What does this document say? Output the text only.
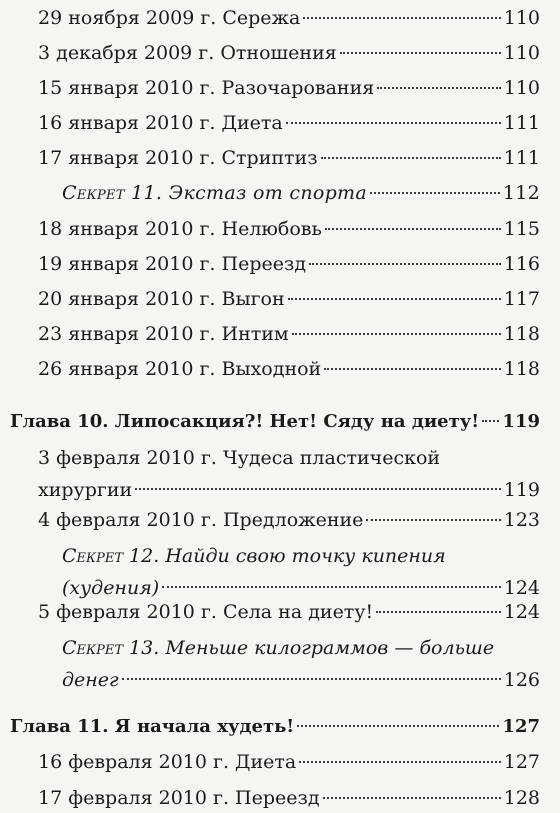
29 ноября 2009 г. Сережа	110
3 декабря 2009 г. Отношения	110
15 января 2010 г. Разочарования	110
16 января 2010 г. Диета	111
17 января 2010 г. Стриптиз	111
Секрет 11.
Экстаз от спорта	112
18 января 2010 г. Нелюбовь	115
19 января 2010 г. Переезд	116
20 января 2010 г. Выгон	117
23 января 2010 г. Интим	118
26 января 2010 г. Выходной	118
Глава 10. Липосакция?! Нет! Сяду на диету! 119
3 февраля 2010 г. Чудеса пластической
хирургии	119
4 февраля 2010 г. Предложение	123
Секрет 12. Найди свою точку кипения
(худения)	124
5 февраля 2010 г. Села на диету!	124
Секрет 13. Меньше килограммов — больше
денег	126
Глава 11. Я начала худеть!	127
16 февраля 2010 г. Диета	127
17 февраля 2010 г. Переезд	128
